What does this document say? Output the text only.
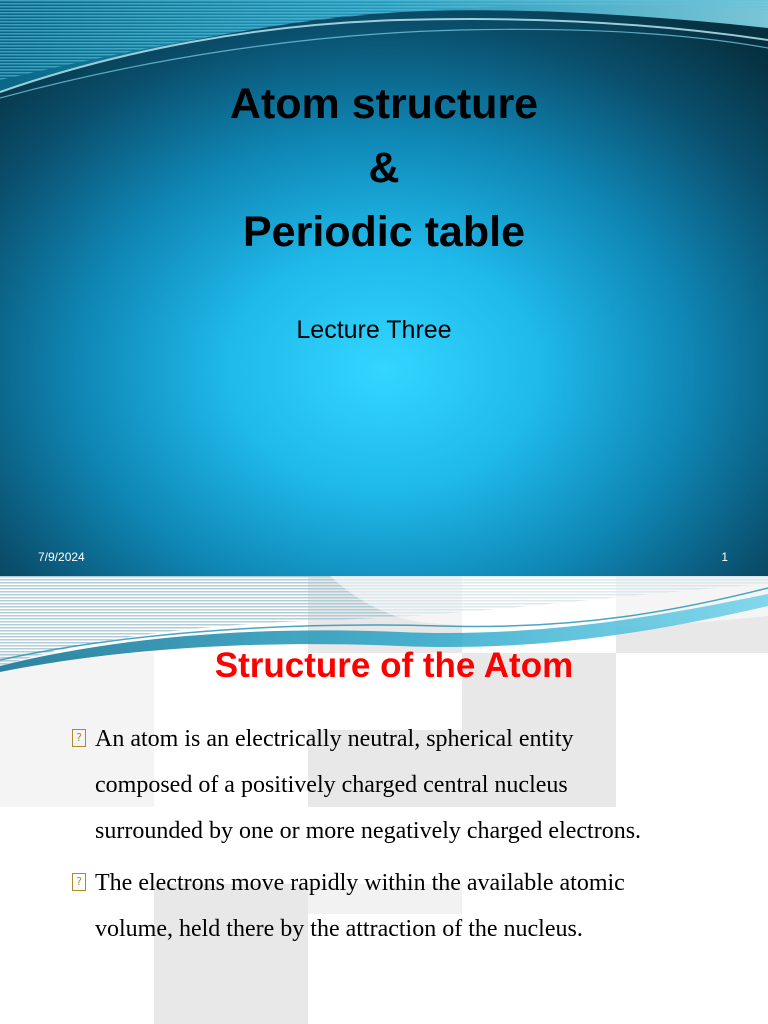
Atom structure
&
Periodic table
Lecture Three
7/9/2024	1
Structure of the Atom
? An atom is an electrically neutral, spherical entity
composed of a positively charged central nucleus
surrounded by one or more negatively charged electrons.
? The electrons move rapidly within the available atomic
volume, held there by the attraction of the nucleus.
